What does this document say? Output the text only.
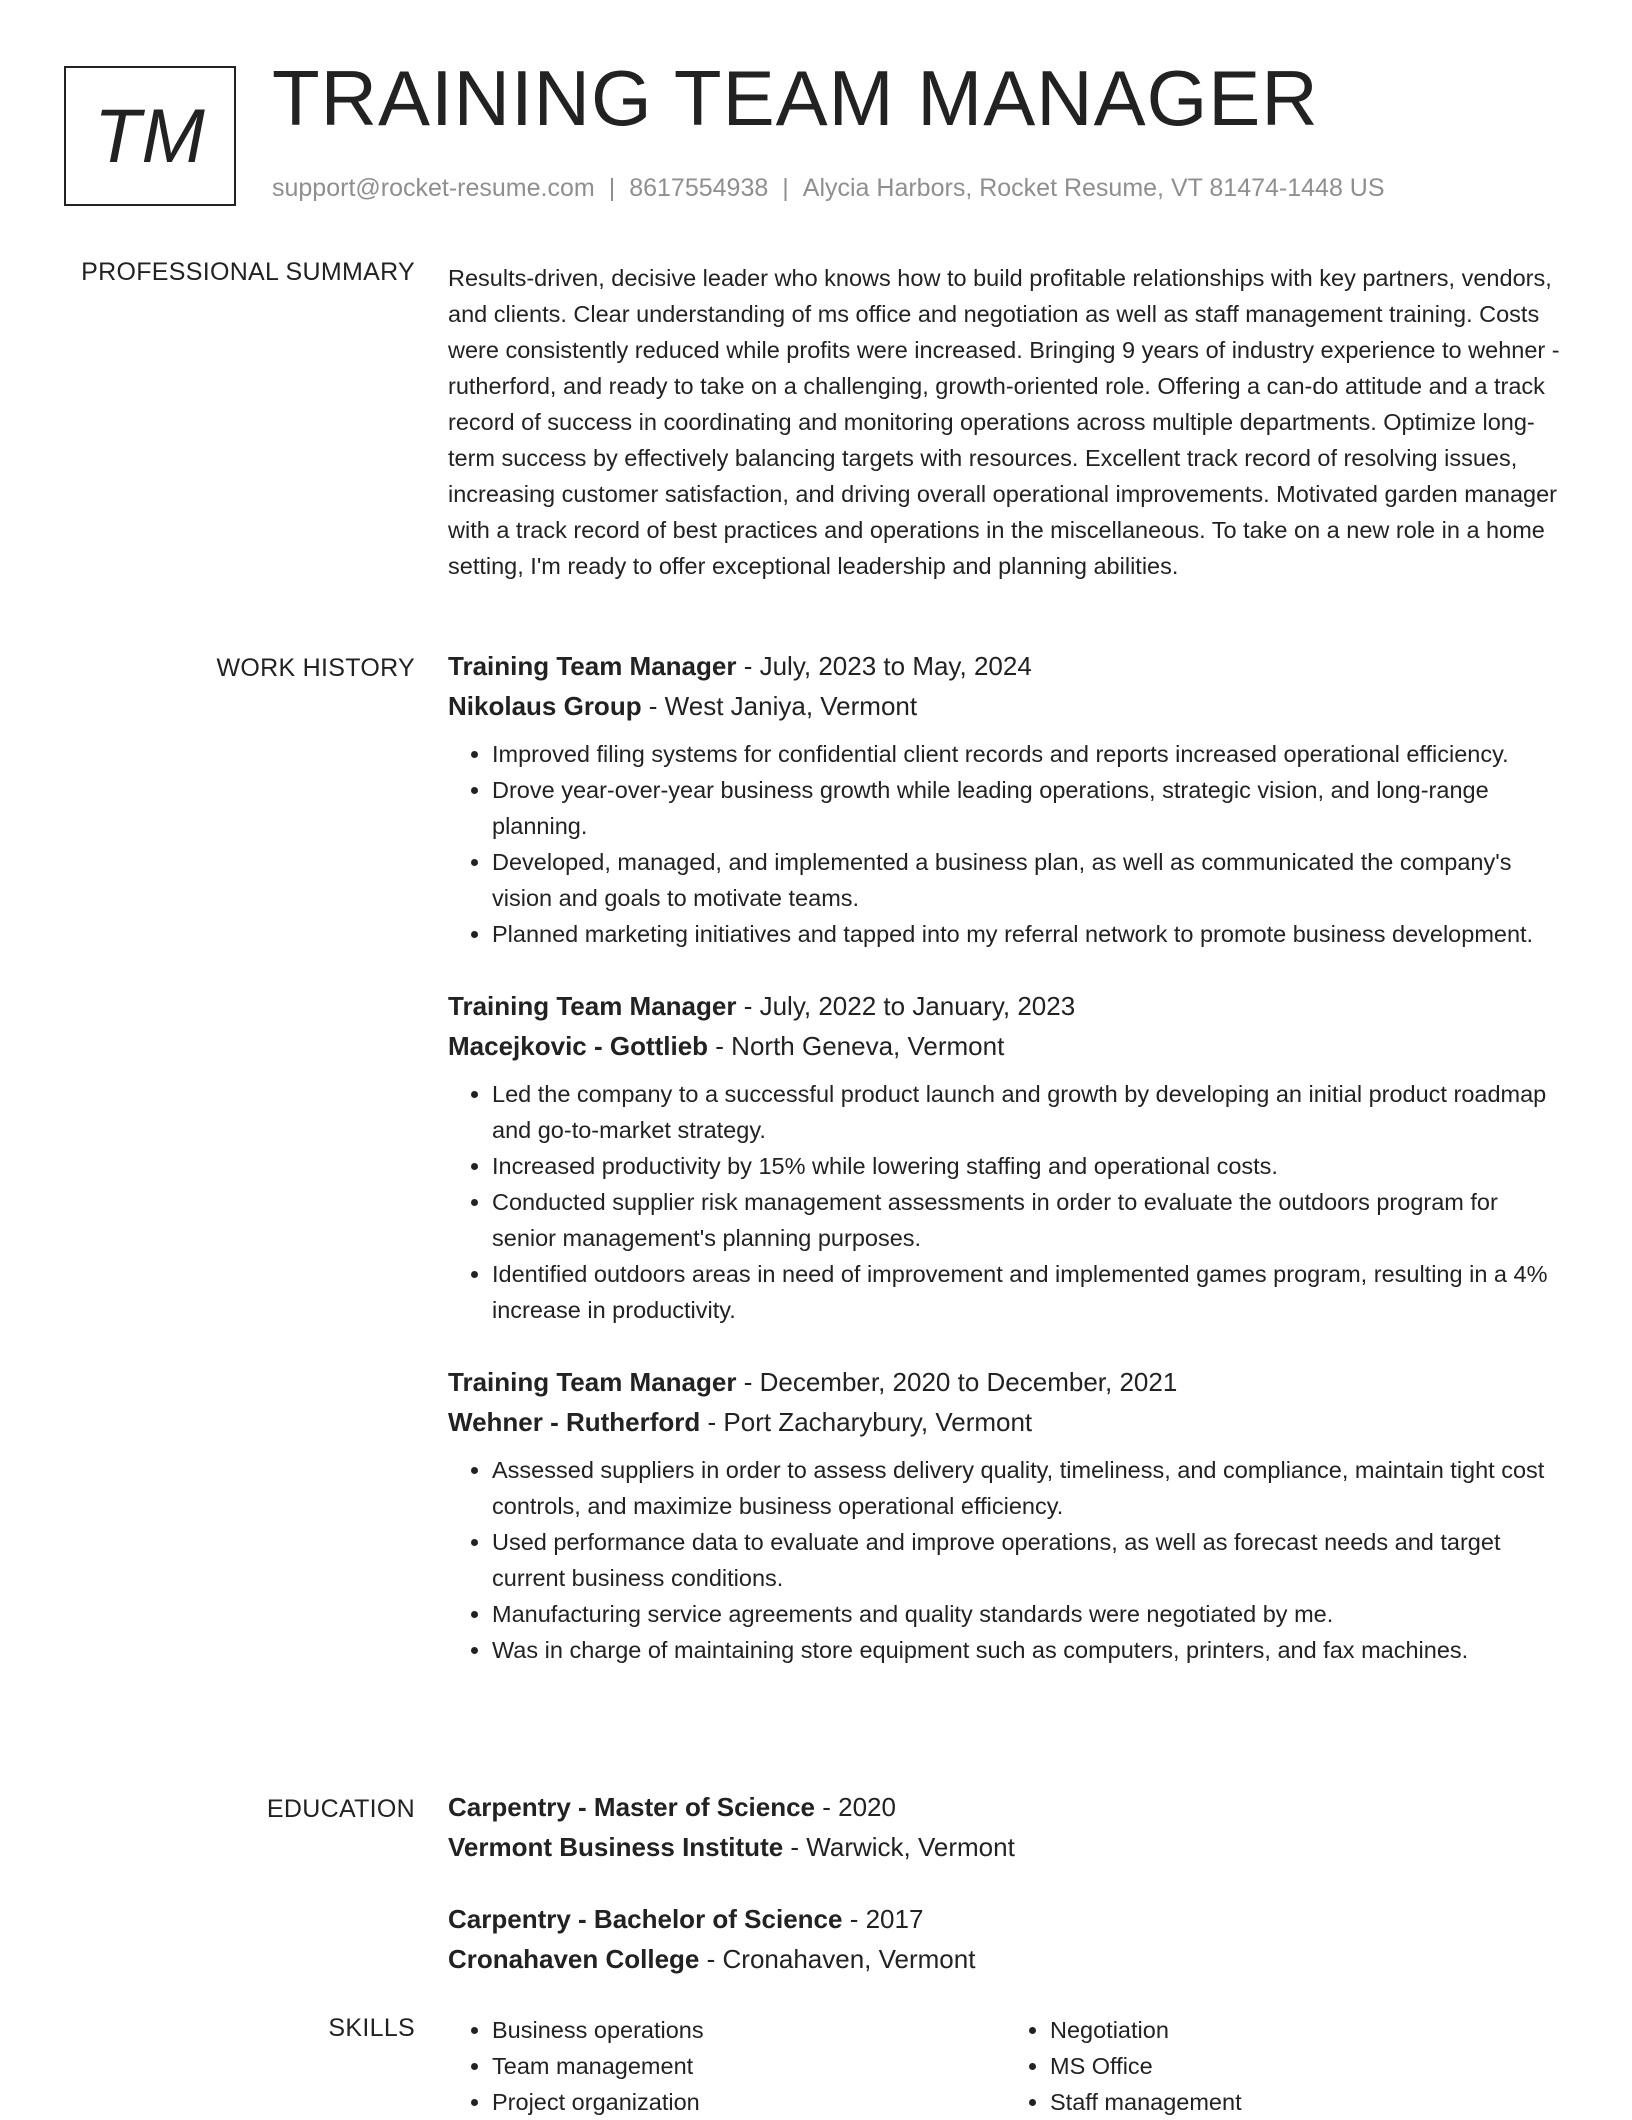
TM TRAINING TEAM MANAGER
support@rocket-resume.com | 8617554938 | Alycia Harbors, Rocket Resume, VT 81474-1448 US
PROFESSIONAL SUMMARY Results-driven, decisive leader who knows how to build profitable relationships with key partners, vendors, and clients. Clear understanding of ms office and negotiation as well as staff management training. Costs were consistently reduced while profits were increased. Bringing 9 years of industry experience to wehner - rutherford, and ready to take on a challenging, growth-oriented role. Offering a can-do attitude and a track record of success in coordinating and monitoring operations across multiple departments. Optimize long-term success by effectively balancing targets with resources. Excellent track record of resolving issues, increasing customer satisfaction, and driving overall operational improvements. Motivated garden manager with a track record of best practices and operations in the miscellaneous. To take on a new role in a home setting, I'm ready to offer exceptional leadership and planning abilities.

WORK HISTORY Training Team Manager - July, 2023 to May, 2024
Nikolaus Group - West Janiya, Vermont
• Improved filing systems for confidential client records and reports increased operational efficiency.
• Drove year-over-year business growth while leading operations, strategic vision, and long-range planning.
• Developed, managed, and implemented a business plan, as well as communicated the company's vision and goals to motivate teams.
• Planned marketing initiatives and tapped into my referral network to promote business development.
Training Team Manager - July, 2022 to January, 2023
Macejkovic - Gottlieb - North Geneva, Vermont
• Led the company to a successful product launch and growth by developing an initial product roadmap and go-to-market strategy.
• Increased productivity by 15% while lowering staffing and operational costs.
• Conducted supplier risk management assessments in order to evaluate the outdoors program for senior management's planning purposes.
• Identified outdoors areas in need of improvement and implemented games program, resulting in a 4% increase in productivity.
Training Team Manager - December, 2020 to December, 2021
Wehner - Rutherford - Port Zacharybury, Vermont
• Assessed suppliers in order to assess delivery quality, timeliness, and compliance, maintain tight cost controls, and maximize business operational efficiency.
• Used performance data to evaluate and improve operations, as well as forecast needs and target current business conditions.
• Manufacturing service agreements and quality standards were negotiated by me.
• Was in charge of maintaining store equipment such as computers, printers, and fax machines.
EDUCATION Carpentry - Master of Science - 2020
Vermont Business Institute - Warwick, Vermont
Carpentry - Bachelor of Science - 2017
Cronahaven College - Cronahaven, Vermont
SKILLS
•	Business operations
• Team management
• Project organization
• Negotiation
• MS Office
• Staff management
